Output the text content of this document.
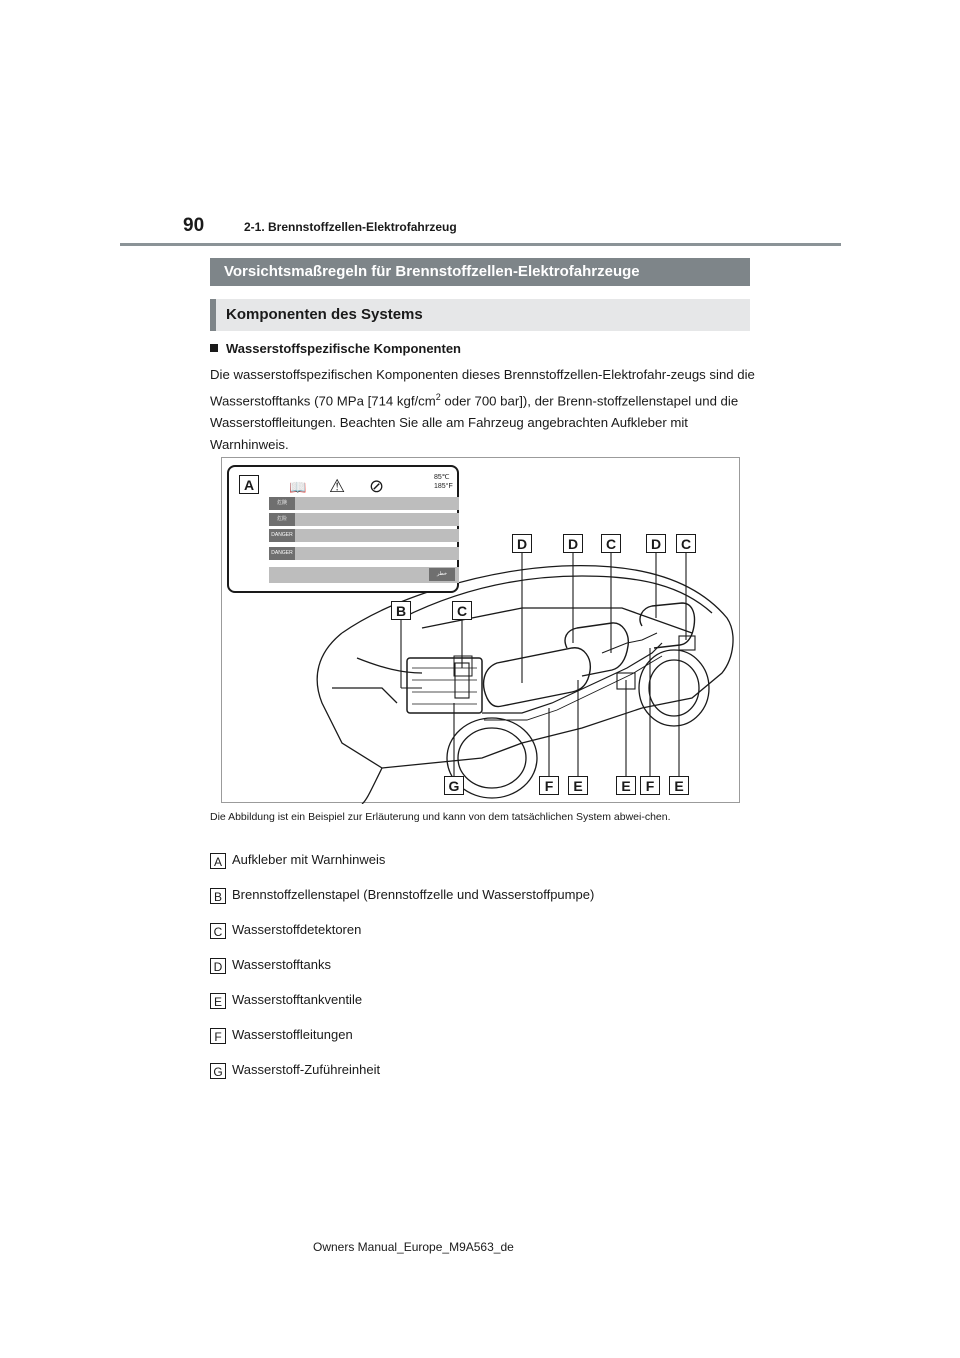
90	2-1. Brennstoffzellen-Elektrofahrzeug
Vorsichtsmaßregeln für Brennstoffzellen-Elektrofahrzeuge
Komponenten des Systems
Wasserstoffspezifische Komponenten
Die wasserstoffspezifischen Komponenten dieses Brennstoffzellen-Elektrofahr-zeugs sind die Wasserstofftanks (70 MPa [714 kgf/$cm^2$ oder 700 bar]), der Brenn-stoffzellenstapel und die Wasserstoffleitungen. Beachten Sie alle am Fahrzeug angebrachten Aufkleber mit Warnhinweis.
A	📖 ⚠ ⊘	85℃
185°F
危険
危险
DANGER
DANGER
خطر
D	D	C	D	C
B	C
G	F	E	E	F	E
Die Abbildung ist ein Beispiel zur Erläuterung und kann von dem tatsächlichen System abwei-chen.
A Aufkleber mit Warnhinweis
B Brennstoffzellenstapel (Brennstoffzelle und Wasserstoffpumpe)
C Wasserstoffdetektoren
D Wasserstofftanks
E Wasserstofftankventile
F Wasserstoffleitungen
G Wasserstoff-Zuführeinheit
Owners Manual_Europe_M9A563_de
